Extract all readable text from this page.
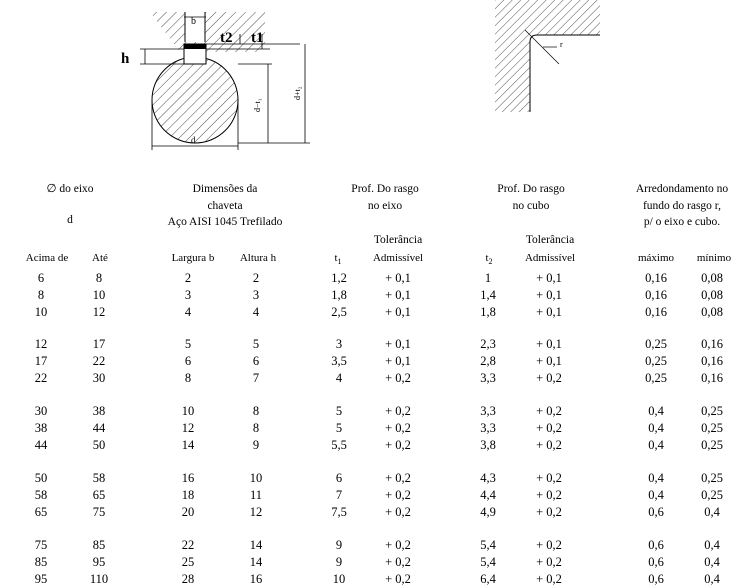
b
d−t₁
d+t₂
d
t2 t1
h
r
∅ do eixo
d
Dimensões da
chaveta
Aço AISI 1045 Trefilado
Prof. Do rasgo
no eixo
Prof. Do rasgo
no cubo
Arredondamento no
fundo do rasgo r,
p/ o eixo e cubo.
Tolerância	Tolerância
Acima de	Até	Largura b	Altura h	$t_1$	Admissível	$t_2$	Admissível	máximo	mínimo
6	8	2	2	1,2	+ 0,1	1	+ 0,1	0,16	0,08
8	10	3	3	1,8	+ 0,1	1,4	+ 0,1	0,16	0,08
10	12	4	4	2,5	+ 0,1	1,8	+ 0,1	0,16	0,08
12	17	5	5	3	+ 0,1	2,3	+ 0,1	0,25	0,16
17	22	6	6	3,5	+ 0,1	2,8	+ 0,1	0,25	0,16
22	30	8	7	4	+ 0,2	3,3	+ 0,2	0,25	0,16
30	38	10	8	5	+ 0,2	3,3	+ 0,2	0,4	0,25
38	44	12	8	5	+ 0,2	3,3	+ 0,2	0,4	0,25
44	50	14	9	5,5	+ 0,2	3,8	+ 0,2	0,4	0,25
50	58	16	10	6	+ 0,2	4,3	+ 0,2	0,4	0,25
58	65	18	11	7	+ 0,2	4,4	+ 0,2	0,4	0,25
65	75	20	12	7,5	+ 0,2	4,9	+ 0,2	0,6	0,4
75	85	22	14	9	+ 0,2	5,4	+ 0,2	0,6	0,4
85	95	25	14	9	+ 0,2	5,4	+ 0,2	0,6	0,4
95	110	28	16	10	+ 0,2	6,4	+ 0,2	0,6	0,4
